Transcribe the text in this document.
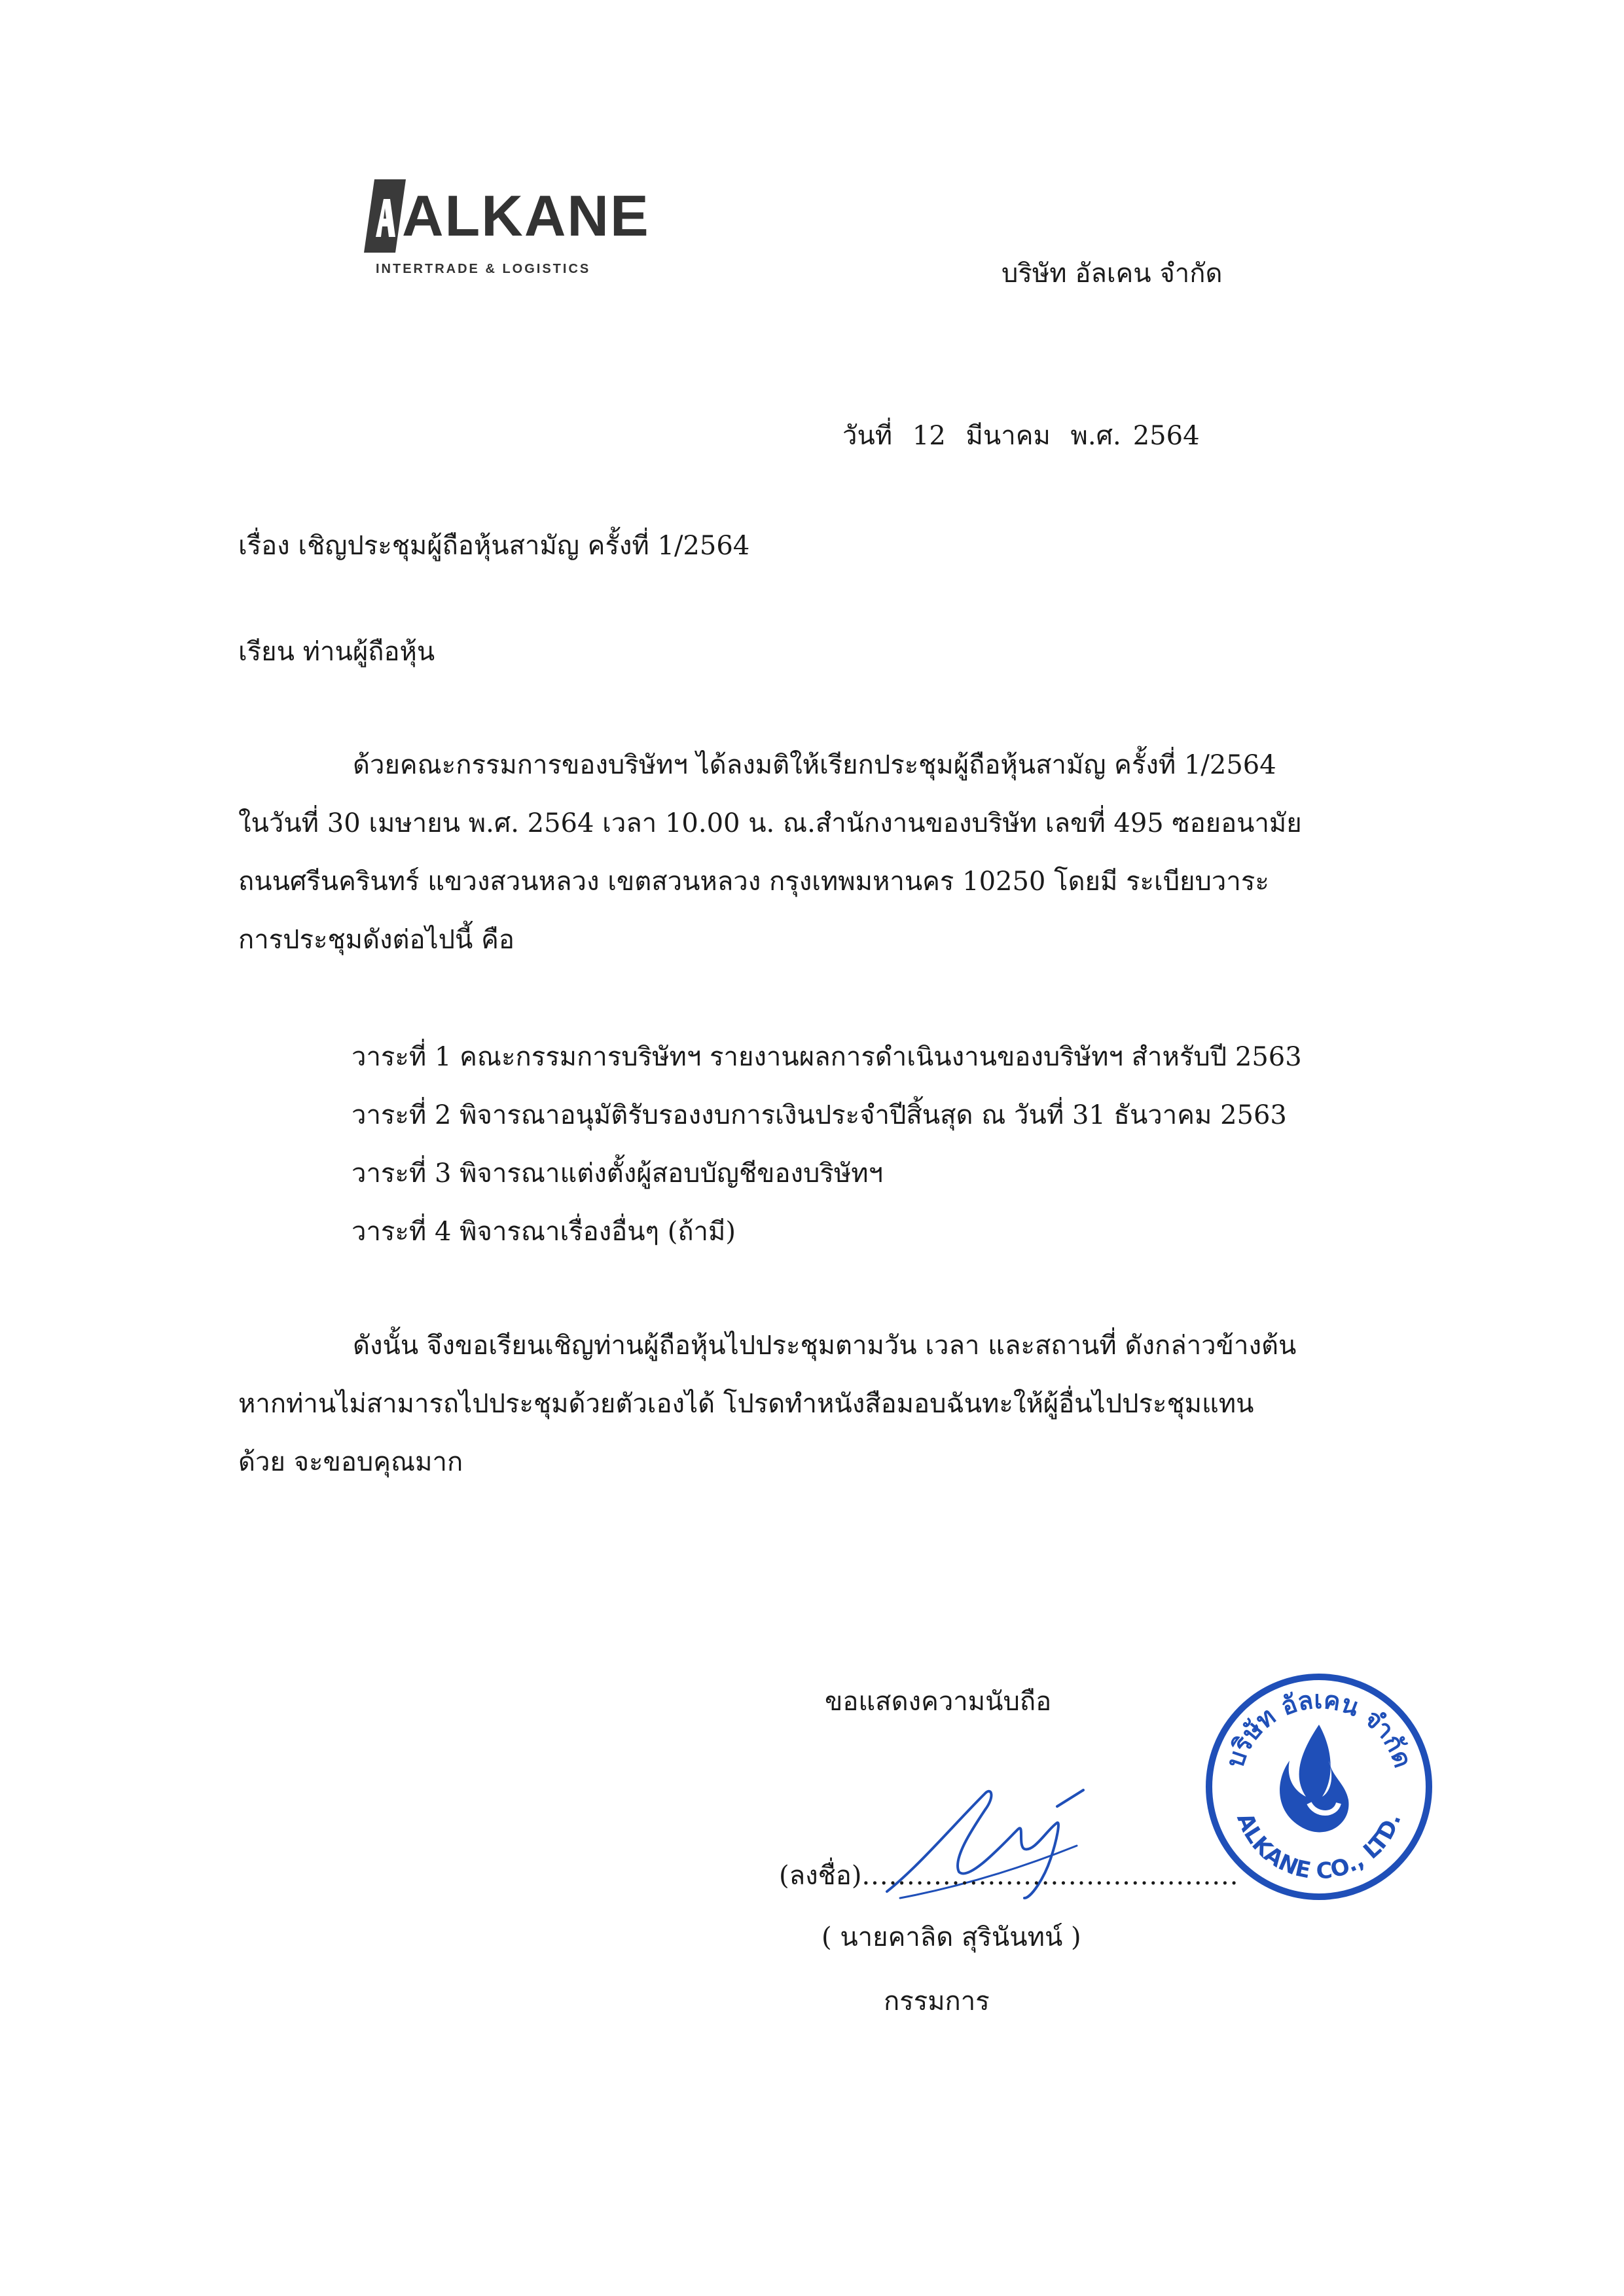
ALKANE
INTERTRADE & LOGISTICS	บริษัท อัลเคน จำกัด
วันที่ 12 มีนาคม พ.ศ. 2564
เรื่อง เชิญประชุมผู้ถือหุ้นสามัญ ครั้งที่ 1/2564
เรียน ท่านผู้ถือหุ้น
ด้วยคณะกรรมการของบริษัทฯ ได้ลงมติให้เรียกประชุมผู้ถือหุ้นสามัญ ครั้งที่ 1/2564
ในวันที่ 30 เมษายน พ.ศ. 2564 เวลา 10.00 น. ณ.สำนักงานของบริษัท เลขที่ 495 ซอยอนามัย
ถนนศรีนครินทร์ แขวงสวนหลวง เขตสวนหลวง กรุงเทพมหานคร 10250 โดยมี ระเบียบวาระ
การประชุมดังต่อไปนี้ คือ
วาระที่ 1 คณะกรรมการบริษัทฯ รายงานผลการดำเนินงานของบริษัทฯ สำหรับปี 2563
วาระที่ 2 พิจารณาอนุมัติรับรองงบการเงินประจำปีสิ้นสุด ณ วันที่ 31 ธันวาคม 2563
วาระที่ 3 พิจารณาแต่งตั้งผู้สอบบัญชีของบริษัทฯ
วาระที่ 4 พิจารณาเรื่องอื่นๆ (ถ้ามี)
ดังนั้น จึงขอเรียนเชิญท่านผู้ถือหุ้นไปประชุมตามวัน เวลา และสถานที่ ดังกล่าวข้างต้น
หากท่านไม่สามารถไปประชุมด้วยตัวเองได้ โปรดทำหนังสือมอบฉันทะให้ผู้อื่นไปประชุมแทน
ด้วย จะขอบคุณมาก
ขอแสดงความนับถือ
(ลงชื่อ)..........................................
( นายคาลิด สุรินันทน์ )
กรรมการ
บริษัท อัลเคน จำกัด
ALKANE CO., LTD.
